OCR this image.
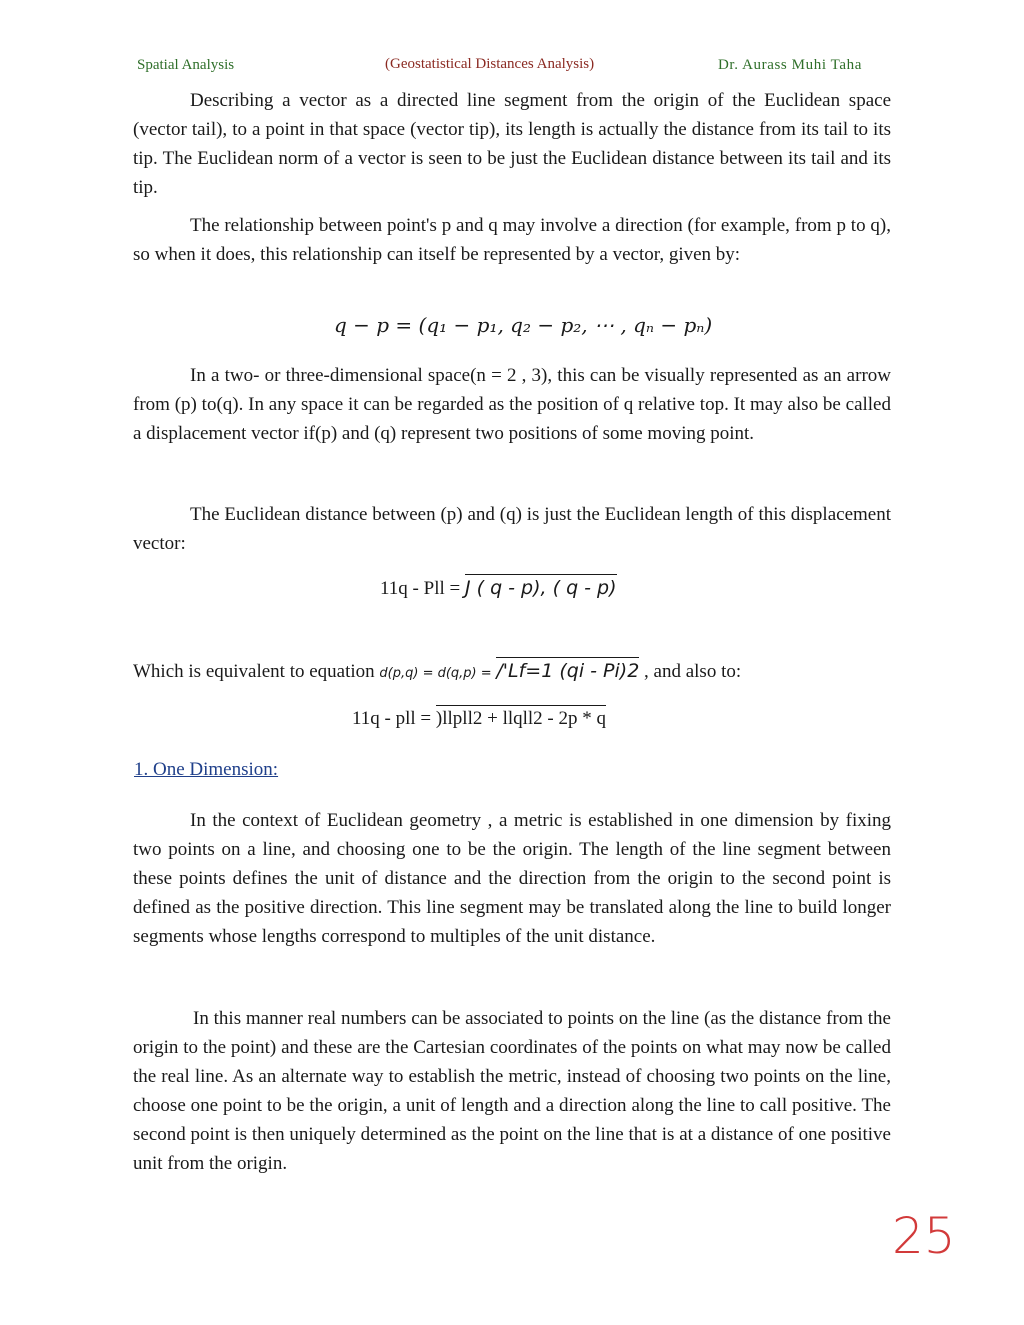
Spatial Analysis	(Geostatistical Distances Analysis)	Dr. Aurass Muhi Taha

Describing a vector as a directed line segment from the origin of the Euclidean space (vector tail), to a point in that space (vector tip), its length is actually the distance from its tail to its tip. The Euclidean norm of a vector is seen to be just the Euclidean distance between its tail and its tip.

The relationship between point's p and q may involve a direction (for example, from p to q), so when it does, this relationship can itself be represented by a vector, given by:

q − p = (q₁ − p₁, q₂ − p₂, ⋯ , qₙ − pₙ)

In a two- or three-dimensional space(n = 2 , 3), this can be visually represented as an arrow from (p) to(q). In any space it can be regarded as the position of q relative top. It may also be called a displacement vector if(p) and (q) represent two positions of some moving point.

The Euclidean distance between (p) and (q) is just the Euclidean length of this displacement vector:

11q - Pll = J ( q - p), ( q - p)
Which is equivalent to equation d(p,q) = d(q,p) = /'Lf=1 (qi - Pi)2 , and also to:
11q - pll = )llpll2 + llqll2 - 2p * q
1. One Dimension:

In the context of Euclidean geometry , a metric is established in one dimension by fixing two points on a line, and choosing one to be the origin. The length of the line segment between these points defines the unit of distance and the direction from the origin to the second point is defined as the positive direction. This line segment may be translated along the line to build longer segments whose lengths correspond to multiples of the unit distance.

In this manner real numbers can be associated to points on the line (as the distance from the origin to the point) and these are the Cartesian coordinates of the points on what may now be called the real line. As an alternate way to establish the metric, instead of choosing two points on the line, choose one point to be the origin, a unit of length and a direction along the line to call positive. The second point is then uniquely determined as the point on the line that is at a distance of one positive unit from the origin.

25
